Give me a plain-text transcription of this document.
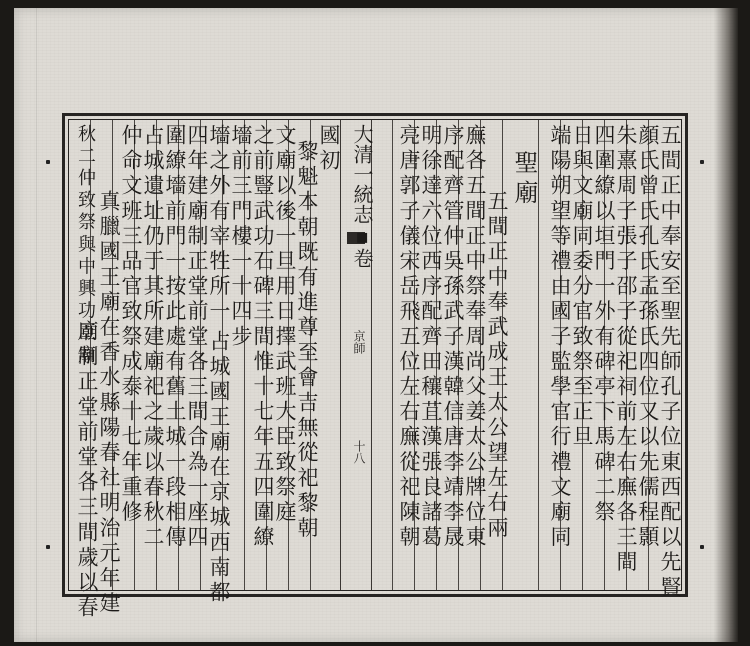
大清一統志▪卷
京師
十八	五間正中奉安至聖先師孔子位東西配以先賢
顔氏曾氏孔氏孟孫氏四位又以先儒程顥
朱熹周子張子邵子從祀祠前左右廡各三間
四圍繚以垣門一外有碑亭下馬碑二祭
日與文廟同委分官致祭至正旦
端陽朔望等禮由國子監學官行禮文廟同
聖廟
五間正中奉武成王太公望左右兩
廡各五間正中祭奉周尚父姜太公牌位東
序配齊管仲吳孫武子漢韓信唐李靖李晟
明徐達六位西序配齊田穰苴漢張良諸葛
亮唐郭子儀宋岳飛五位左右廡從祀陳朝
國初
黎魁本朝既有進尊至會吉無從祀黎朝
文廟以後一旦用日擇武班大臣致祭庭
之前豎武功石碑三間惟十七年五四圍繚
墻前三門樓一十四步
墻之外有宰牲所一
占城國王廟在京城西南都
四年建廟制正堂前堂各三間合為一座四
圍繚墻前門一按此處有舊土城一段相傳
占城遺址仍于其所建廟祀之歲以春秋二
仲命文班三品官致祭成泰十七年重修
真臘國王廟在香水縣陽春社明治元年建
廟制正堂前堂各三間歲以春
秋二仲致祭與中興功臣廟
